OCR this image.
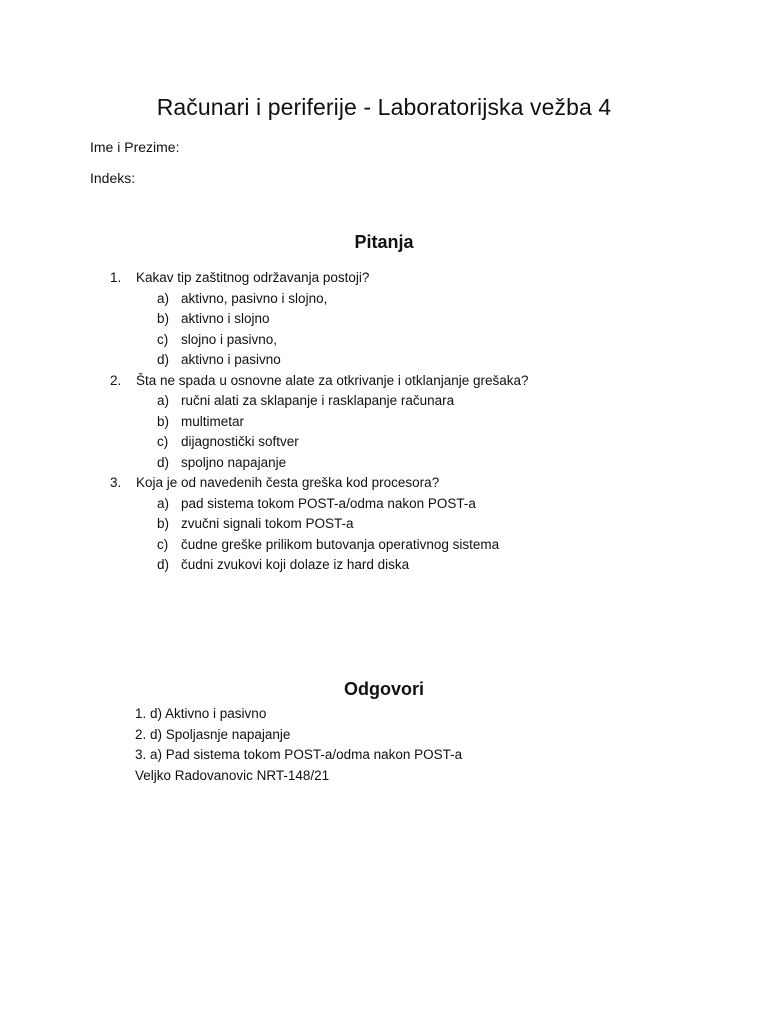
Računari i periferije - Laboratorijska vežba 4

Ime i Prezime:

Indeks:

Pitanja
1. Kakav tip zaštitnog održavanja postoji?
a) aktivno, pasivno i slojno,
b) aktivno i slojno
c) slojno i pasivno,
d) aktivno i pasivno
2. Šta ne spada u osnovne alate za otkrivanje i otklanjanje grešaka?
a) ručni alati za sklapanje i rasklapanje računara
b) multimetar
c) dijagnostički softver
d) spoljno napajanje
3. Koja je od navedenih česta greška kod procesora?
a) pad sistema tokom POST-a/odma nakon POST-a
b) zvučni signali tokom POST-a
c) čudne greške prilikom butovanja operativnog sistema
d) čudni zvukovi koji dolaze iz hard diska
Odgovori
1. d) Aktivno i pasivno
2. d) Spoljasnje napajanje
3. a) Pad sistema tokom POST-a/odma nakon POST-a
Veljko Radovanovic NRT-148/21
